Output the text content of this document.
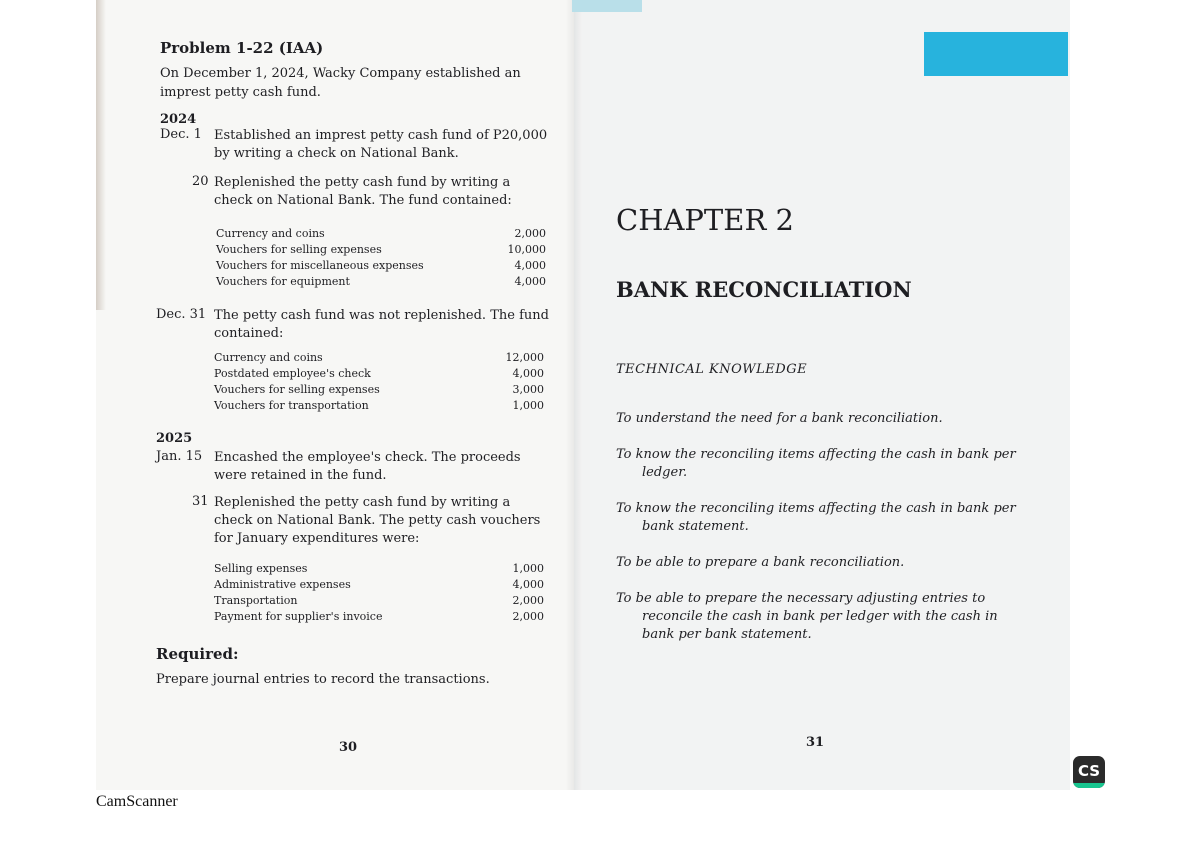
Problem 1-22 (IAA)

On December 1, 2024, Wacky Company established an imprest petty cash fund.

2024

Dec. 1 Established an imprest petty cash fund of P20,000 by writing a check on National Bank.

20 Replenished the petty cash fund by writing a check on National Bank. The fund contained:

Currency and coins	2,000
Vouchers for selling expenses	10,000
Vouchers for miscellaneous expenses	4,000
Vouchers for equipment	4,000

Dec. 31 The petty cash fund was not replenished. The fund contained:

Currency and coins	12,000
Postdated employee's check	4,000
Vouchers for selling expenses	3,000
Vouchers for transportation	1,000

2025

Jan. 15 Encashed the employee's check. The proceeds were retained in the fund.

31 Replenished the petty cash fund by writing a check on National Bank. The petty cash vouchers for January expenditures were:

Selling expenses	1,000
Administrative expenses	4,000
Transportation	2,000
Payment for supplier's invoice	2,000

Required:

Prepare journal entries to record the transactions.

30

CHAPTER 2

BANK RECONCILIATION

TECHNICAL KNOWLEDGE

To understand the need for a bank reconciliation.
To know the reconciling items affecting the cash in bank per
ledger.
To know the reconciling items affecting the cash in bank per
bank statement.
To be able to prepare a bank reconciliation.
To be able to prepare the necessary adjusting entries to
reconcile the cash in bank per ledger with the cash in bank per bank statement.

31

CS
CamScanner
